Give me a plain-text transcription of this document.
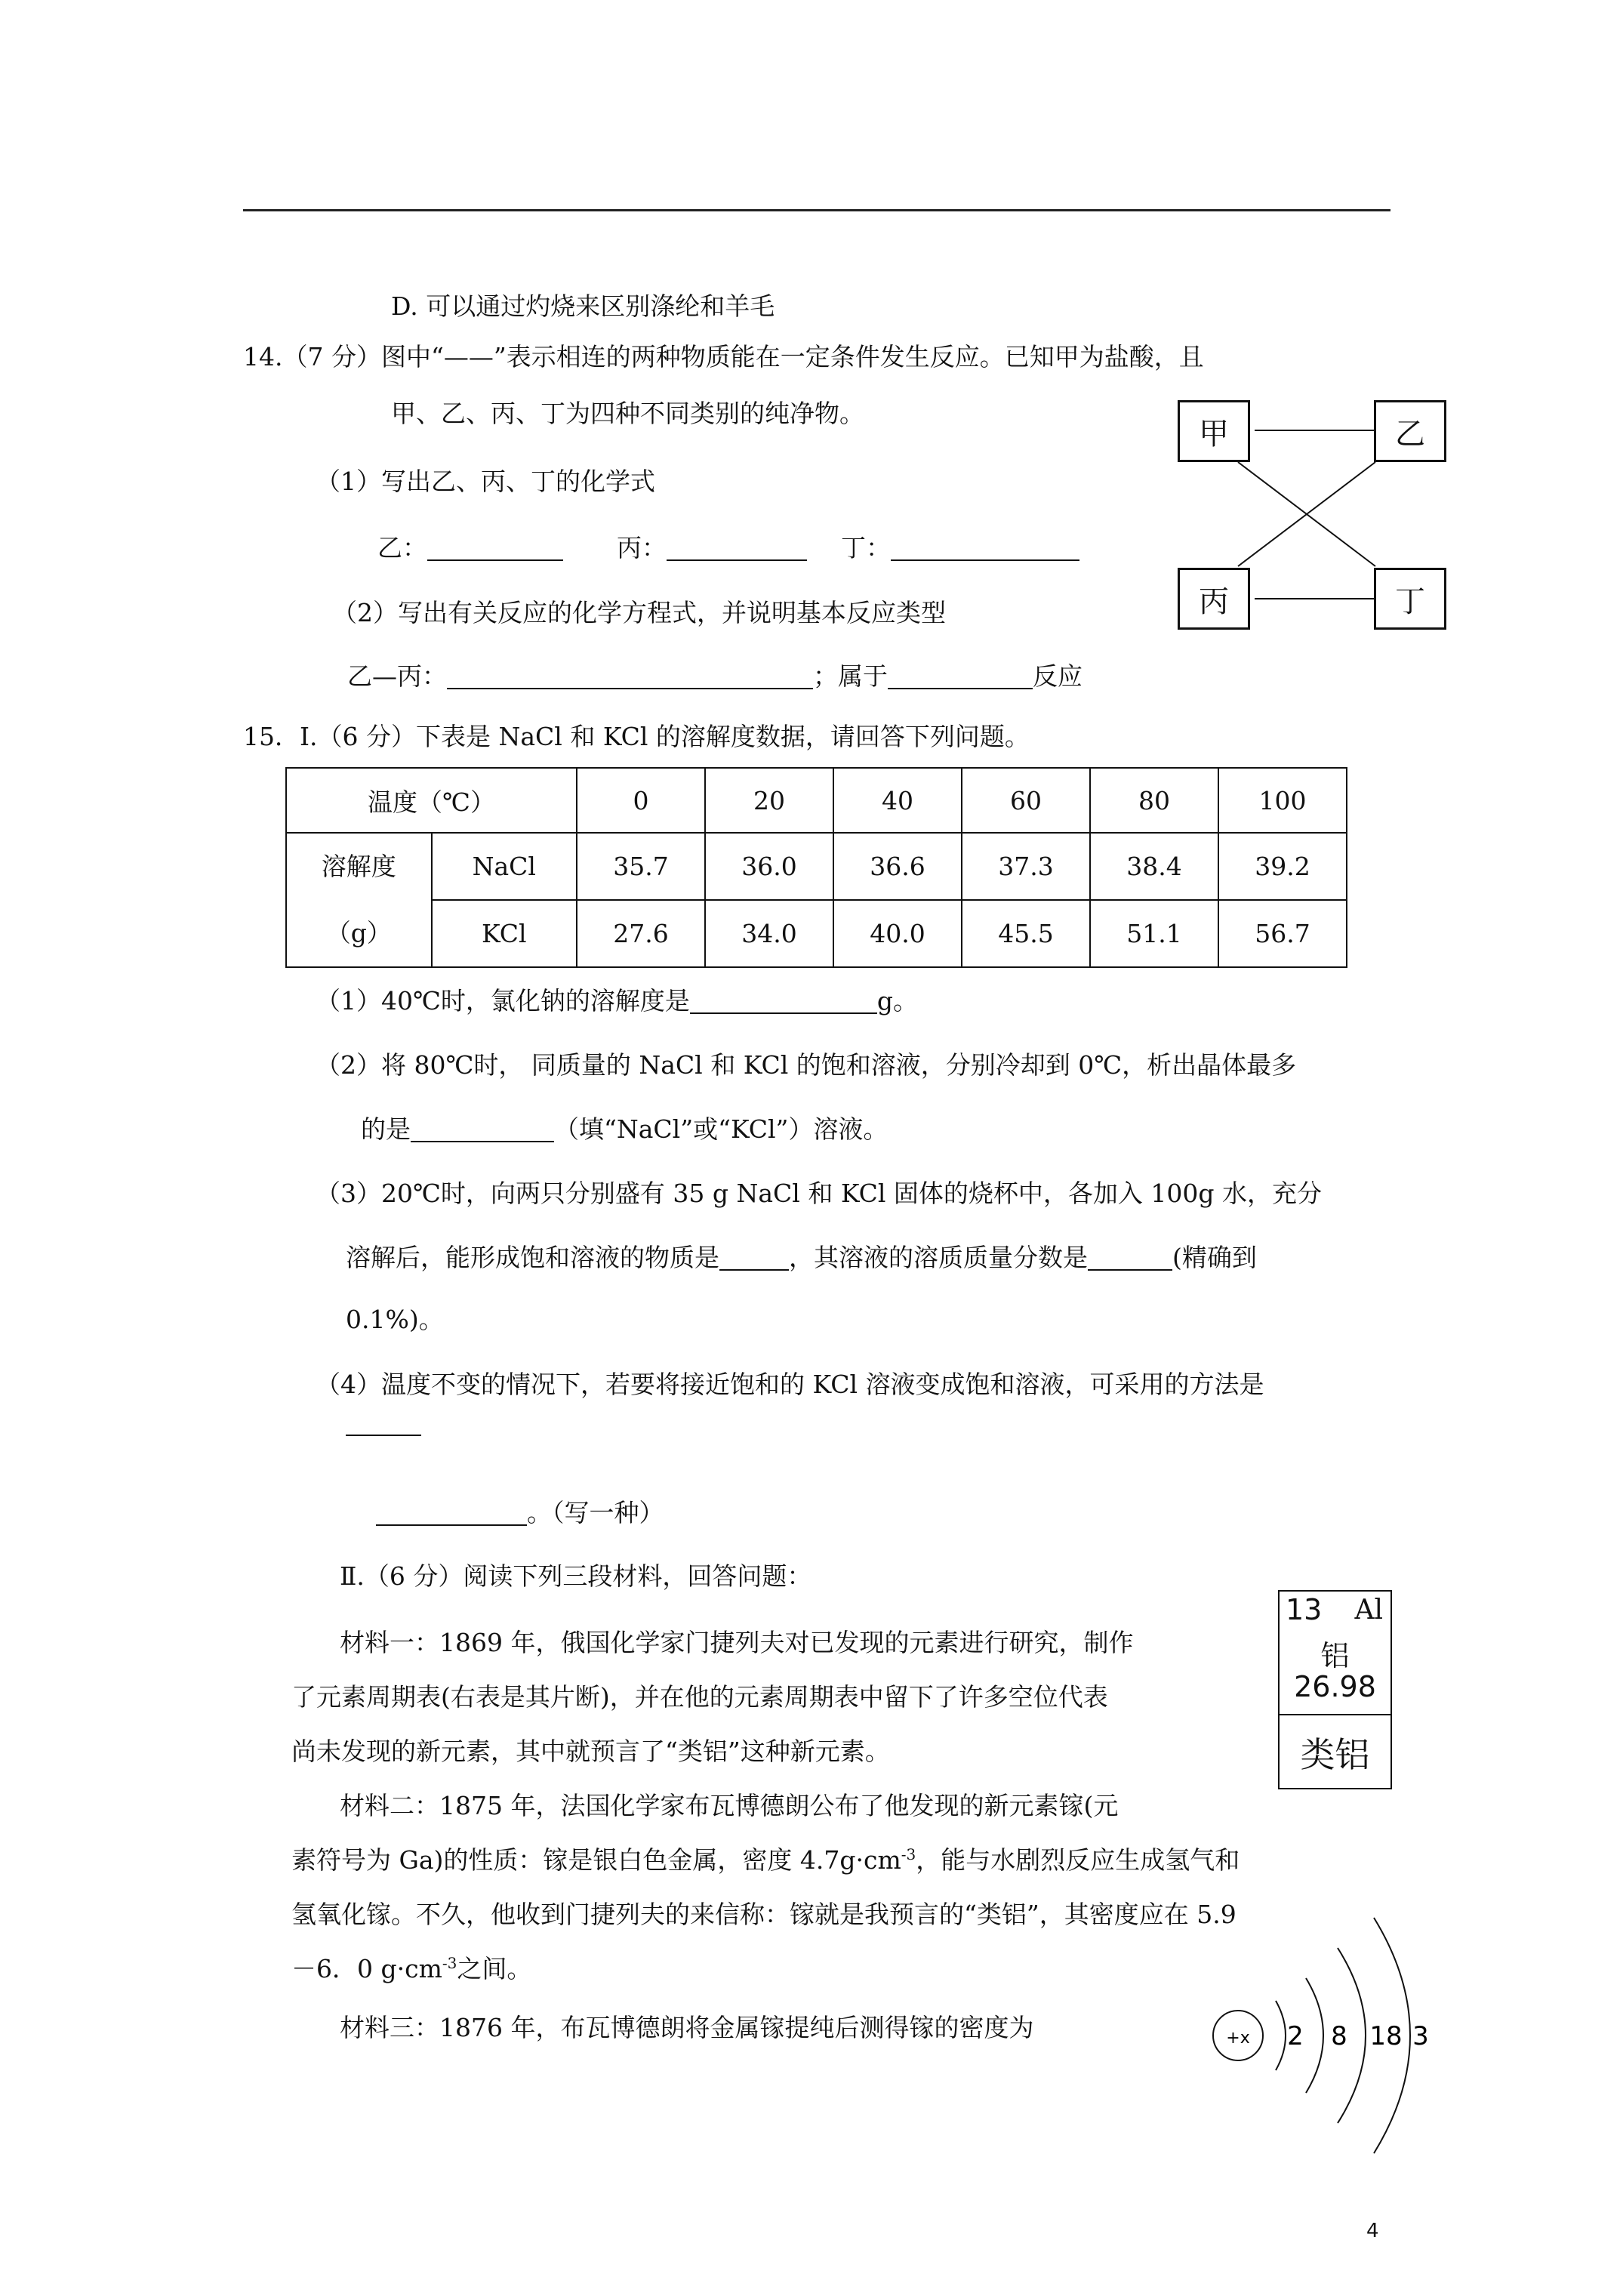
D. 可以通过灼烧来区别涤纶和羊毛
14.（7 分）图中“——”表示相连的两种物质能在一定条件发生反应。已知甲为盐酸，且
甲、乙、丙、丁为四种不同类别的纯净物。
（1）写出乙、丙、丁的化学式
乙：	丙：	丁：
（2）写出有关反应的化学方程式，并说明基本反应类型
乙—丙：	；属于	反应
甲	乙
丙	丁
15．Ⅰ.（6 分）下表是 NaCl 和 KCl 的溶解度数据，请回答下列问题。
温度（℃）		0	20	40	60	80	100

溶解度
（g）	NaCl	35.7	36.0	36.6	37.3	38.4	39.2
	KCl	27.6	34.0	40.0	45.5	51.1	56.7
（1）40℃时，氯化钠的溶解度是	g。
（2）将 80℃时， 同质量的 NaCl 和 KCl 的饱和溶液，分别冷却到 0℃，析出晶体最多
的是	（填“NaCl”或“KCl”）溶液。
（3）20℃时，向两只分别盛有 35 g NaCl 和 KCl 固体的烧杯中，各加入 100g 水，充分
溶解后，能形成饱和溶液的物质是	，其溶液的溶质质量分数是	(精确到
0.1%)。
（4）温度不变的情况下，若要将接近饱和的 KCl 溶液变成饱和溶液，可采用的方法是
。（写一种）
Ⅱ.（6 分）阅读下列三段材料，回答问题：
材料一：1869 年，俄国化学家门捷列夫对已发现的元素进行研究，制作
了元素周期表(右表是其片断)，并在他的元素周期表中留下了许多空位代表
尚未发现的新元素，其中就预言了“类铝”这种新元素。
材料二：1875 年，法国化学家布瓦博德朗公布了他发现的新元素镓(元
素符号为 Ga)的性质：镓是银白色金属，密度 $4.7g\cdot cm^{-3}$，能与水剧烈反应生成氢气和
氢氧化镓。不久，他收到门捷列夫的来信称：镓就是我预言的“类铝”，其密度应在 5.9
－6．0 $g\cdot cm^{-3}$之间。
材料三：1876 年，布瓦博德朗将金属镓提纯后测得镓的密度为
13 Al
铝
26.98
类铝
+x 2 8 18 3
4
